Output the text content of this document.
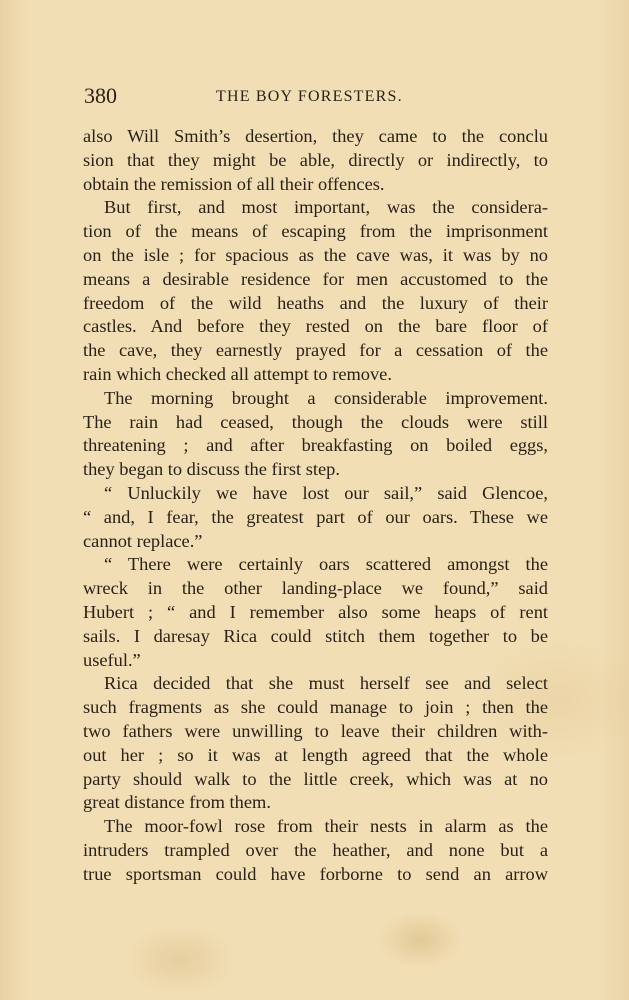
380	THE BOY FORESTERS.
also Will Smith’s desertion, they came to the conclu
sion that they might be able, directly or indirectly, to
obtain the remission of all their offences.
But first, and most important, was the considera-
tion of the means of escaping from the imprisonment
on the isle ; for spacious as the cave was, it was by no
means a desirable residence for men accustomed to the
freedom of the wild heaths and the luxury of their
castles. And before they rested on the bare floor of
the cave, they earnestly prayed for a cessation of the
rain which checked all attempt to remove.
The morning brought a considerable improvement.
The rain had ceased, though the clouds were still
threatening ; and after breakfasting on boiled eggs,
they began to discuss the first step.
“ Unluckily we have lost our sail,” said Glencoe,
“ and, I fear, the greatest part of our oars. These we
cannot replace.”
“ There were certainly oars scattered amongst the
wreck in the other landing-place we found,” said
Hubert ; “ and I remember also some heaps of rent
sails. I daresay Rica could stitch them together to be
useful.”
Rica decided that she must herself see and select
such fragments as she could manage to join ; then the
two fathers were unwilling to leave their children with-
out her ; so it was at length agreed that the whole
party should walk to the little creek, which was at no
great distance from them.
The moor-fowl rose from their nests in alarm as the
intruders trampled over the heather, and none but a
true sportsman could have forborne to send an arrow
